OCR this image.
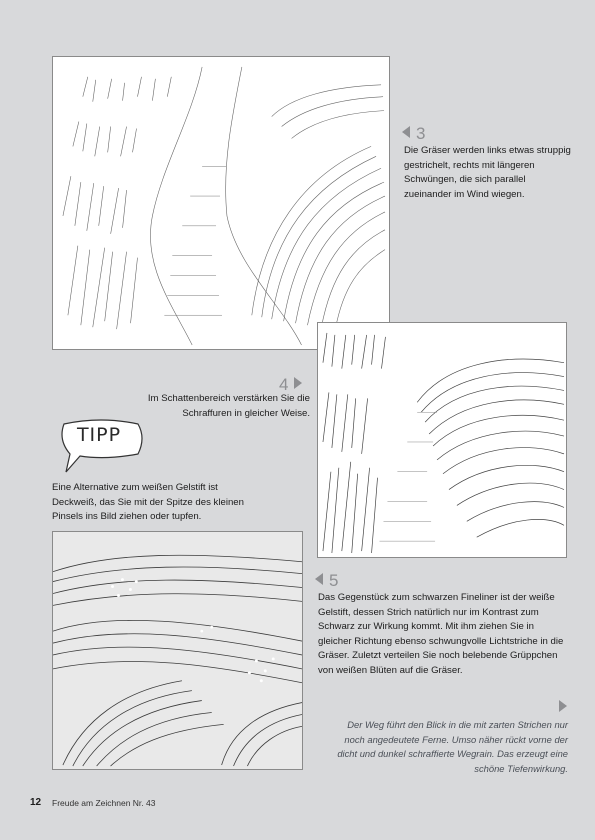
3
Die Gräser werden links etwas struppig gestrichelt, rechts mit längeren Schwüngen, die sich parallel zueinander im Wind wiegen.
4
Im Schattenbereich verstärken Sie die Schraffuren in gleicher Weise.
TIPP
Eine Alternative zum weißen Gelstift ist Deckweiß, das Sie mit der Spitze des kleinen Pinsels ins Bild ziehen oder tupfen.
5
Das Gegenstück zum schwarzen Fineliner ist der weiße Gelstift, dessen Strich natürlich nur im Kontrast zum Schwarz zur Wirkung kommt. Mit ihm ziehen Sie in gleicher Richtung ebenso schwungvolle Lichtstriche in die Gräser. Zuletzt verteilen Sie noch belebende Grüppchen von weißen Blüten auf die Gräser.
Der Weg führt den Blick in die mit zarten Strichen nur noch angedeutete Ferne. Umso näher rückt vorne der dicht und dunkel schraffierte Wegrain. Das erzeugt eine schöne Tiefenwirkung.
12 Freude am Zeichnen Nr. 43
